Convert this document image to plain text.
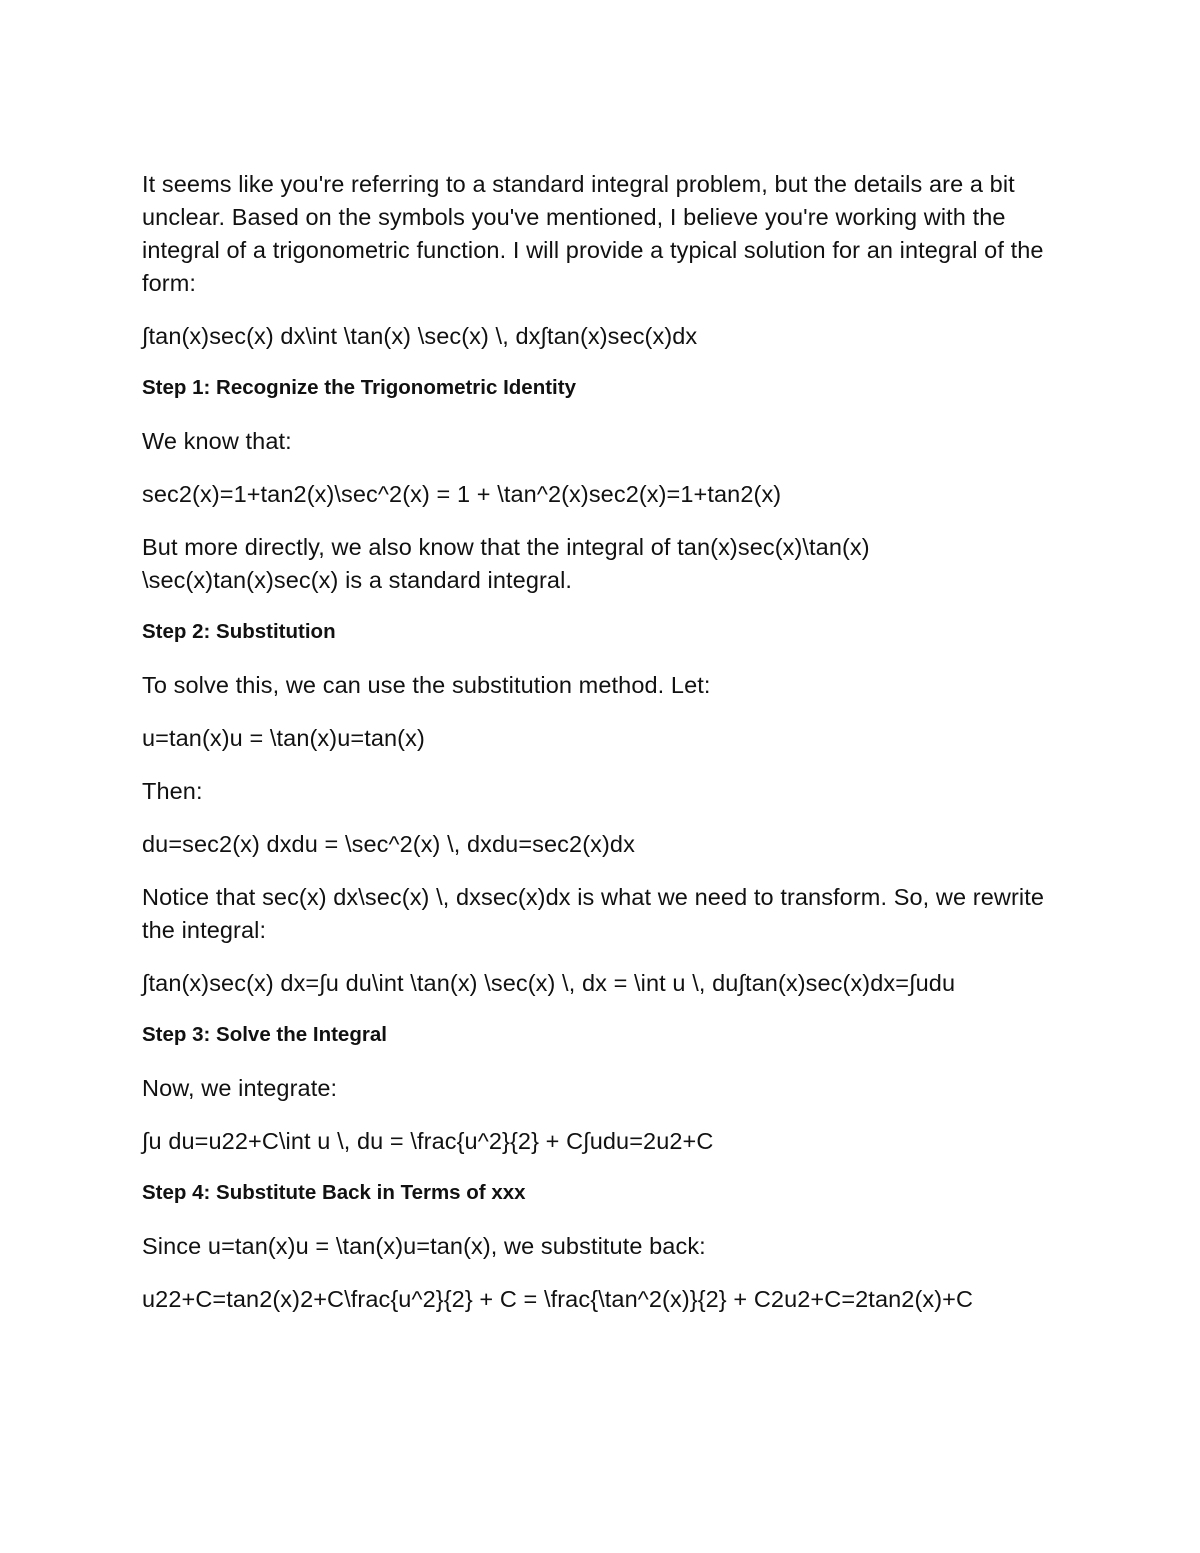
It seems like you're referring to a standard integral problem, but the details are a bit unclear. Based on the symbols you've mentioned, I believe you're working with the integral of a trigonometric function. I will provide a typical solution for an integral of the form:

∫tan(x)sec(x) dx\int \tan(x) \sec(x) \, dx∫tan(x)sec(x)dx

Step 1: Recognize the Trigonometric Identity

We know that:

sec2(x)=1+tan2(x)\sec^2(x) = 1 + \tan^2(x)sec2(x)=1+tan2(x)

But more directly, we also know that the integral of tan(x)sec(x)\tan(x) \sec(x)tan(x)sec(x) is a standard integral.

Step 2: Substitution

To solve this, we can use the substitution method. Let:

u=tan(x)u = \tan(x)u=tan(x)

Then:

du=sec2(x) dxdu = \sec^2(x) \, dxdu=sec2(x)dx

Notice that sec(x) dx\sec(x) \, dxsec(x)dx is what we need to transform. So, we rewrite the integral:

∫tan(x)sec(x) dx=∫u du\int \tan(x) \sec(x) \, dx = \int u \, du∫tan(x)sec(x)dx=∫udu

Step 3: Solve the Integral

Now, we integrate:

∫u du=u22+C\int u \, du = \frac{u^2}{2} + C∫udu=2u2+C

Step 4: Substitute Back in Terms of xxx

Since u=tan(x)u = \tan(x)u=tan(x), we substitute back:

u22+C=tan2(x)2+C\frac{u^2}{2} + C = \frac{\tan^2(x)}{2} + C2u2+C=2tan2(x)+C
